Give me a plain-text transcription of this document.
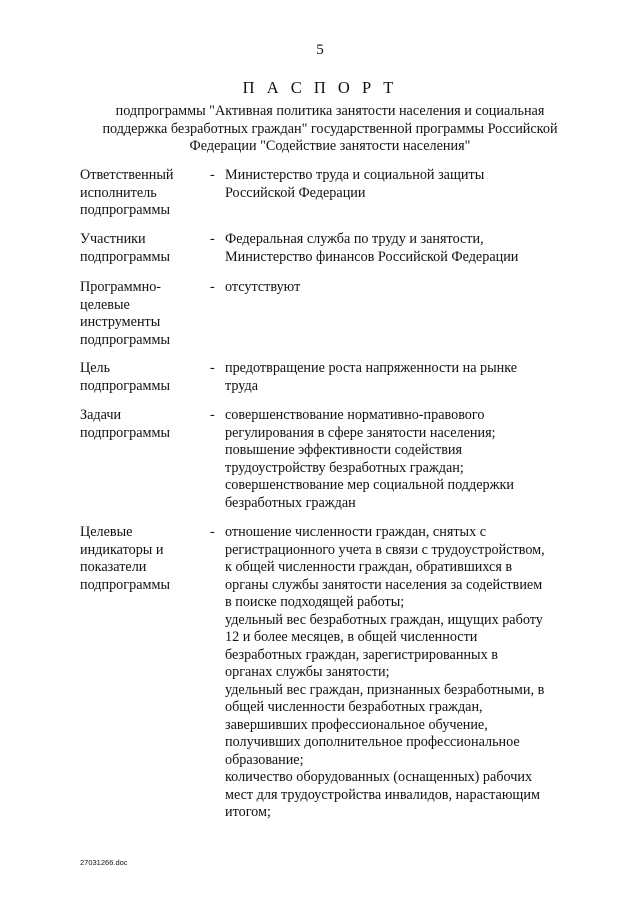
5
П А С П О Р Т
подпрограммы "Активная политика занятости населения и социальная
поддержка безработных граждан" государственной программы Российской
Федерации "Содействие занятости населения"
Ответственный
исполнитель
подпрограммы
- Министерство труда и социальной защиты
Российской Федерации
Участники
подпрограммы
- Федеральная служба по труду и занятости,
Министерство финансов Российской Федерации
Программно-
целевые
инструменты
подпрограммы
- отсутствуют
Цель
подпрограммы
- предотвращение роста напряженности на рынке
труда
Задачи
подпрограммы
- совершенствование нормативно-правового
регулирования в сфере занятости населения;
повышение эффективности содействия
трудоустройству безработных граждан;
совершенствование мер социальной поддержки
безработных граждан
Целевые
индикаторы и
показатели
подпрограммы
- отношение численности граждан, снятых с
регистрационного учета в связи с трудоустройством,
к общей численности граждан, обратившихся в
органы службы занятости населения за содействием
в поиске подходящей работы;
удельный вес безработных граждан, ищущих работу
12 и более месяцев, в общей численности
безработных граждан, зарегистрированных в
органах службы занятости;
удельный вес граждан, признанных безработными, в
общей численности безработных граждан,
завершивших профессиональное обучение,
получивших дополнительное профессиональное
образование;
количество оборудованных (оснащенных) рабочих
мест для трудоустройства инвалидов, нарастающим
итогом;
27031266.doc
